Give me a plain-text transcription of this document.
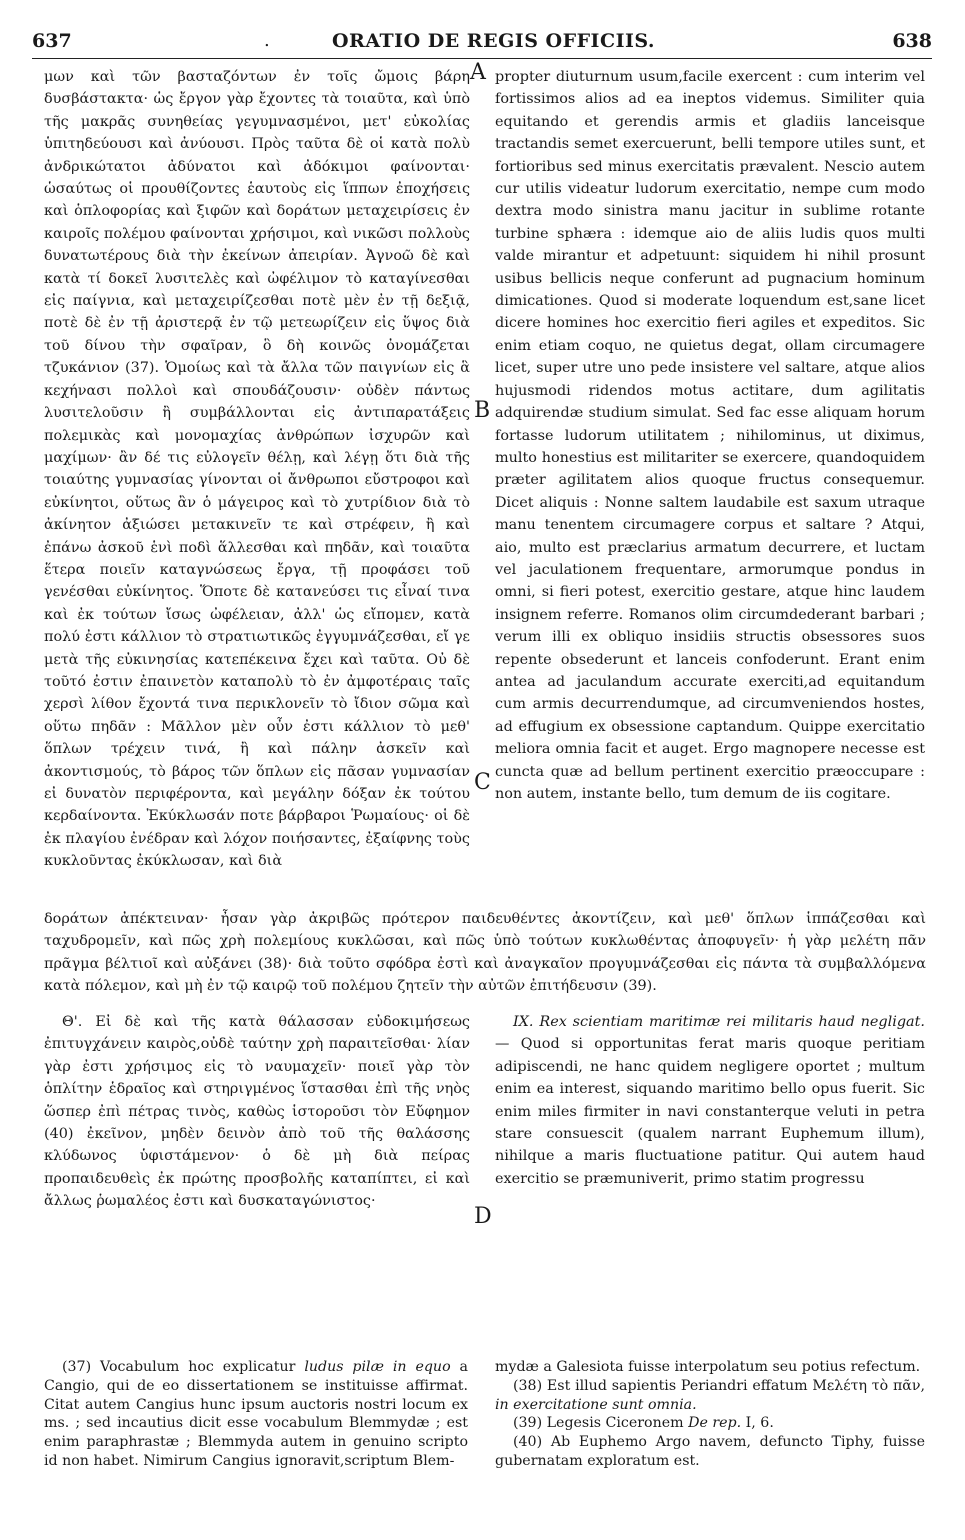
637	.	ORATIO DE REGIS OFFICIIS.	638

μων καὶ τῶν βασταζόντων ἐν τοῖς ὤμοις βάρη δυσβάστακτα· ὡς ἔργον γὰρ ἔχοντες τὰ τοιαῦτα, καὶ ὑπὸ τῆς μακρᾶς συνηθείας γεγυμνασμένοι, μετ' εὐκολίας ὑπιτηδεύουσι καὶ ἀνύουσι. Πρὸς ταῦτα δὲ οἱ κατὰ πολὺ ἀνδρικώτατοι ἀδύνατοι καὶ ἀδόκιμοι φαίνονται· ὡσαύτως οἱ προυθίζοντες ἑαυτοὺς εἰς ἵππων ἐποχήσεις καὶ ὁπλοφορίας καὶ ξιφῶν καὶ δοράτων μεταχειρίσεις ἐν καιροῖς πολέμου φαίνονται χρήσιμοι, καὶ νικῶσι πολλοὺς δυνατωτέρους διὰ τὴν ἐκείνων ἀπειρίαν. Ἀγνοῶ δὲ καὶ κατὰ τί δοκεῖ λυσιτελὲς καὶ ὠφέλιμον τὸ καταγίνεσθαι εἰς παίγνια, καὶ μεταχειρίζεσθαι ποτὲ μὲν ἐν τῇ δεξιᾷ, ποτὲ δὲ ἐν τῇ ἀριστερᾷ ἐν τῷ μετεωρίζειν εἰς ὕψος διὰ τοῦ δίνου τὴν σφαῖραν, ὃ δὴ κοινῶς ὀνομάζεται τζυκάνιον (37). Ὁμοίως καὶ τὰ ἄλλα τῶν παιγνίων εἰς ἃ κεχήνασι πολλοὶ καὶ σπουδάζουσιν· οὐδὲν πάντως λυσιτελοῦσιν ἢ συμβάλλονται εἰς ἀντιπαρατάξεις πολεμικὰς καὶ μονομαχίας ἀνθρώπων ἰσχυρῶν καὶ μαχίμων· ἂν δέ τις εὐλογεῖν θέλῃ, καὶ λέγῃ ὅτι διὰ τῆς τοιαύτης γυμνασίας γίνονται οἱ ἄνθρωποι εὔστροφοι καὶ εὐκίνητοι, οὕτως ἂν ὁ μάγειρος καὶ τὸ χυτρίδιον διὰ τὸ ἀκίνητον ἀξιώσει μετακινεῖν τε καὶ στρέφειν, ἢ καὶ ἐπάνω ἀσκοῦ ἑνὶ ποδὶ ἅλλεσθαι καὶ πηδᾶν, καὶ τοιαῦτα ἕτερα ποιεῖν καταγνώσεως ἔργα, τῇ προφάσει τοῦ γενέσθαι εὐκίνητος. Ὅποτε δὲ κατανεύσει τις εἶναί τινα καὶ ἐκ τούτων ἴσως ὠφέλειαν, ἀλλ' ὡς εἴπομεν, κατὰ πολύ ἐστι κάλλιον τὸ στρατιωτικῶς ἐγγυμνάζεσθαι, εἴ γε μετὰ τῆς εὐκινησίας κατεπέκεινα ἔχει καὶ ταῦτα. Οὐ δὲ τοῦτό ἐστιν ἐπαινετὸν καταπολὺ τὸ ἐν ἀμφοτέραις ταῖς χερσὶ λίθον ἔχοντά τινα περικλονεῖν τὸ ἴδιον σῶμα καὶ οὕτω πηδᾶν : Μᾶλλον μὲν οὖν ἐστι κάλλιον τὸ μεθ' ὅπλων τρέχειν τινά, ἢ καὶ πάλην ἀσκεῖν καὶ ἀκοντισμούς, τὸ βάρος τῶν ὅπλων εἰς πᾶσαν γυμνασίαν εἰ δυνατὸν περιφέροντα, καὶ μεγάλην δόξαν ἐκ τούτου κερδαίνοντα. Ἐκύκλωσάν ποτε βάρβαροι Ῥωμαίους· οἱ δὲ ἐκ πλαγίου ἐνέδραν καὶ λόχον ποιήσαντες, ἐξαίφνης τοὺς κυκλοῦντας ἐκύκλωσαν, καὶ διὰ

A
B
C
D

propter diuturnum usum,facile exercent : cum interim vel fortissimos alios ad ea ineptos videmus. Similiter quia equitando et gerendis armis et gladiis lanceisque tractandis semet exercuerunt, belli tempore utiles sunt, et fortioribus sed minus exercitatis prævalent. Nescio autem cur utilis videatur ludorum exercitatio, nempe cum modo dextra modo sinistra manu jacitur in sublime rotante turbine sphæra : idemque aio de aliis ludis quos multi valde mirantur et adpetuunt: siquidem hi nihil prosunt usibus bellicis neque conferunt ad pugnacium hominum dimicationes. Quod si moderate loquendum est,sane licet dicere homines hoc exercitio fieri agiles et expeditos. Sic enim etiam coquo, ne quietus degat, ollam circumagere licet, super utre uno pede insistere vel saltare, atque alios hujusmodi ridendos motus actitare, dum agilitatis adquirendæ studium simulat. Sed fac esse aliquam horum fortasse ludorum utilitatem ; nihilominus, ut diximus, multo honestius est militariter se exercere, quandoquidem præter agilitatem alios quoque fructus consequemur. Dicet aliquis : Nonne saltem laudabile est saxum utraque manu tenentem circumagere corpus et saltare ? Atqui, aio, multo est præclarius armatum decurrere, et luctam vel jaculationem frequentare, armorumque pondus in omni, si fieri potest, exercitio gestare, atque hinc laudem insignem referre. Romanos olim circumdederant barbari ; verum illi ex obliquo insidiis structis obsessores suos repente obsederunt et lanceis confoderunt. Erant enim antea ad jaculandum accurate exerciti,ad equitandum cum armis decurrendumque, ad circumveniendos hostes, ad effugium ex obsessione captandum. Quippe exercitatio meliora omnia facit et auget. Ergo magnopere necesse est cuncta quæ ad bellum pertinent exercitio præoccupare : non autem, instante bello, tum demum de iis cogitare.

δοράτων ἀπέκτειναν· ἦσαν γὰρ ἀκριβῶς πρότερον παιδευθέντες ἀκοντίζειν, καὶ μεθ' ὅπλων ἱππάζεσθαι καὶ ταχυδρομεῖν, καὶ πῶς χρὴ πολεμίους κυκλῶσαι, καὶ πῶς ὑπὸ τούτων κυκλωθέντας ἀποφυγεῖν· ἡ γὰρ μελέτη πᾶν πρᾶγμα βέλτιοῖ καὶ αὐξάνει (38)· διὰ τοῦτο σφόδρα ἐστὶ καὶ ἀναγκαῖον προγυμνάζεσθαι εἰς πάντα τὰ συμβαλλόμενα κατὰ πόλεμον, καὶ μὴ ἐν τῷ καιρῷ τοῦ πολέμου ζητεῖν τὴν αὐτῶν ἐπιτήδευσιν (39).

Θ'. Εἰ δὲ καὶ τῆς κατὰ θάλασσαν εὐδοκιμήσεως ἐπιτυγχάνειν καιρὸς,οὐδὲ ταύτην χρὴ παραιτεῖσθαι· λίαν γὰρ ἐστι χρήσιμος εἰς τὸ ναυμαχεῖν· ποιεῖ γὰρ τὸν ὁπλίτην ἑδραῖος καὶ στηριγμένος ἵστασθαι ἐπὶ τῆς νηὸς ὥσπερ ἐπὶ πέτρας τινὸς, καθὼς ἱστοροῦσι τὸν Εὔφημον (40) ἐκεῖνον, μηδὲν δεινὸν ἀπὸ τοῦ τῆς θαλάσσης κλύδωνος ὑφιστάμενον· ὁ δὲ μὴ διὰ πείρας προπαιδευθεὶς ἐκ πρώτης προσβολῆς καταπίπτει, εἰ καὶ ἄλλως ῥωμαλέος ἐστι καὶ δυσκαταγώνιστος·

IX. Rex scientiam maritimæ rei militaris haud negligat. — Quod si opportunitas ferat maris quoque peritiam adipiscendi, ne hanc quidem negligere oportet ; multum enim ea interest, siquando maritimo bello opus fuerit. Sic enim miles firmiter in navi constanterque veluti in petra stare consuescit (qualem narrant Euphemum illum), nihilque a maris fluctuatione patitur. Qui autem haud exercitio se præmuniverit, primo statim progressu

(37) Vocabulum hoc explicatur ludus pilæ in equo a Cangio, qui de eo dissertationem se instituisse affirmat. Citat autem Cangius hunc ipsum auctoris nostri locum ex ms. ; sed incautius dicit esse vocabulum Blemmydæ ; est enim paraphrastæ ; Blemmyda autem in genuino scripto id non habet. Nimirum Cangius ignoravit,scriptum Blem-

mydæ a Galesiota fuisse interpolatum seu potius refectum.

(38) Est illud sapientis Periandri effatum Μελέτη τὸ πᾶν, in exercitatione sunt omnia.

(39) Legesis Ciceronem De rep. I, 6.

(40) Ab Euphemo Argo navem, defuncto Tiphy, fuisse gubernatam exploratum est.
